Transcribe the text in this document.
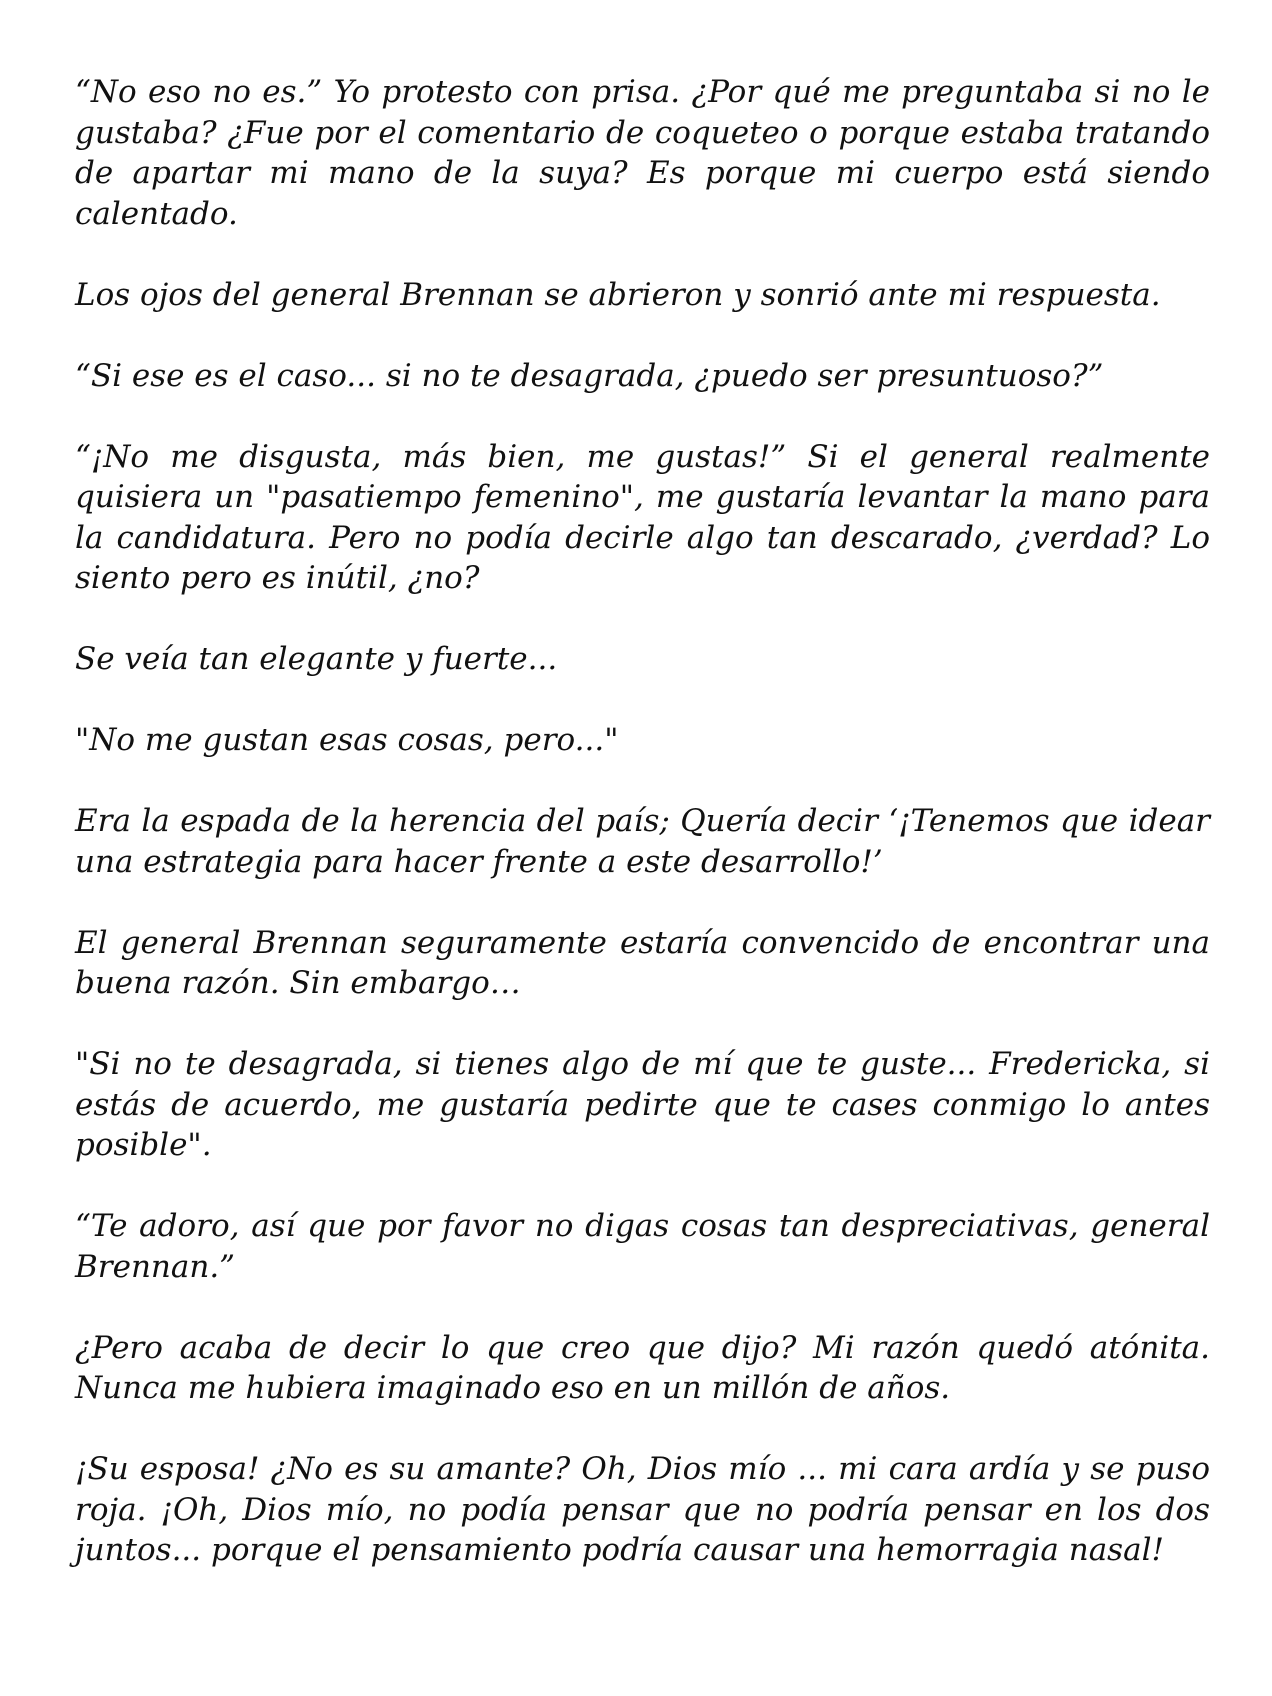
“No eso no es.” Yo protesto con prisa. ¿Por qué me preguntaba si no le gustaba? ¿Fue por el comentario de coqueteo o porque estaba tratando de apartar mi mano de la suya? Es porque mi cuerpo está siendo calentado.

Los ojos del general Brennan se abrieron y sonrió ante mi respuesta.

“Si ese es el caso... si no te desagrada, ¿puedo ser presuntuoso?”

“¡No me disgusta, más bien, me gustas!” Si el general realmente quisiera un "pasatiempo femenino", me gustaría levantar la mano para la candidatura. Pero no podía decirle algo tan descarado, ¿verdad? Lo siento pero es inútil, ¿no?

Se veía tan elegante y fuerte...

"No me gustan esas cosas, pero..."

Era la espada de la herencia del país; Quería decir ‘¡Tenemos que idear una estrategia para hacer frente a este desarrollo!’

El general Brennan seguramente estaría convencido de encontrar una buena razón. Sin embargo…

"Si no te desagrada, si tienes algo de mí que te guste... Fredericka, si estás de acuerdo, me gustaría pedirte que te cases conmigo lo antes posible".

“Te adoro, así que por favor no digas cosas tan despreciativas, general Brennan.”

¿Pero acaba de decir lo que creo que dijo? Mi razón quedó atónita. Nunca me hubiera imaginado eso en un millón de años.

¡Su esposa! ¿No es su amante? Oh, Dios mío ... mi cara ardía y se puso roja. ¡Oh, Dios mío, no podía pensar que no podría pensar en los dos juntos... porque el pensamiento podría causar una hemorragia nasal!
